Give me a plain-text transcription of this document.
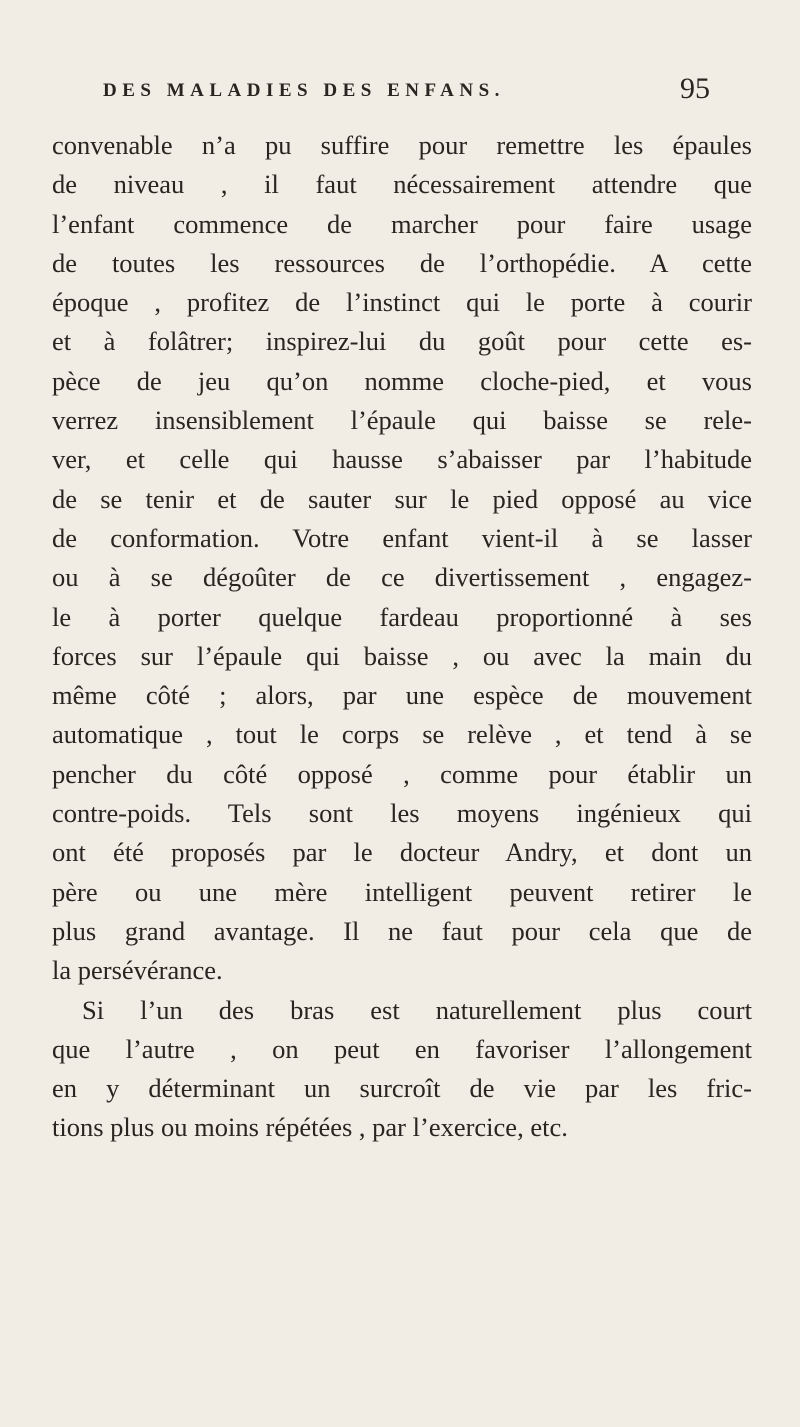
DES MALADIES DES ENFANS.	95
convenable n’a pu suffire pour remettre les épaules
de niveau , il faut nécessairement attendre que
l’enfant commence de marcher pour faire usage
de toutes les ressources de l’orthopédie. A cette
époque , profitez de l’instinct qui le porte à courir
et à folâtrer; inspirez-lui du goût pour cette es-
pèce de jeu qu’on nomme cloche-pied, et vous
verrez insensiblement l’épaule qui baisse se rele-
ver, et celle qui hausse s’abaisser par l’habitude
de se tenir et de sauter sur le pied opposé au vice
de conformation. Votre enfant vient-il à se lasser
ou à se dégoûter de ce divertissement , engagez-
le à porter quelque fardeau proportionné à ses
forces sur l’épaule qui baisse , ou avec la main du
même côté ; alors, par une espèce de mouvement
automatique , tout le corps se relève , et tend à se
pencher du côté opposé , comme pour établir un
contre-poids. Tels sont les moyens ingénieux qui
ont été proposés par le docteur Andry, et dont un
père ou une mère intelligent peuvent retirer le
plus grand avantage. Il ne faut pour cela que de
la persévérance.
Si l’un des bras est naturellement plus court
que l’autre , on peut en favoriser l’allongement
en y déterminant un surcroît de vie par les fric-
tions plus ou moins répétées , par l’exercice, etc.
